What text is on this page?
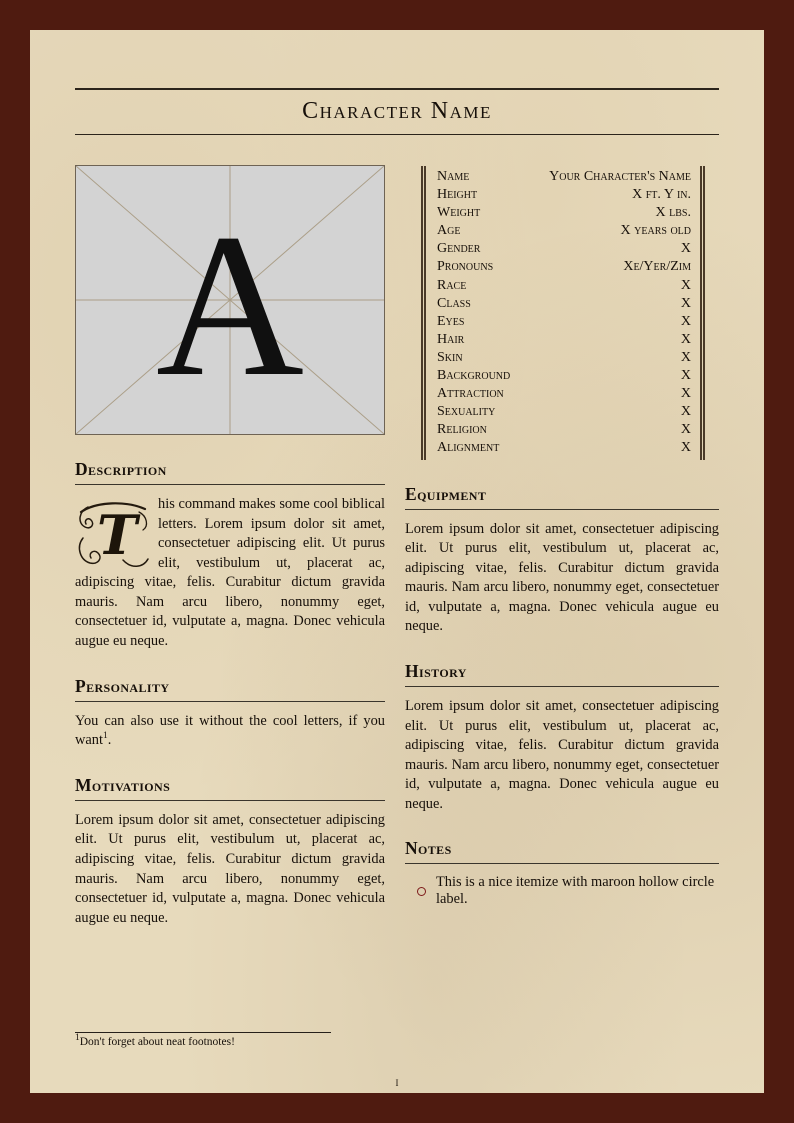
Character Name
A
Description

T his command makes some cool biblical letters. Lorem ipsum dolor sit amet, consectetuer adipiscing elit. Ut purus elit, vestibulum ut, placerat ac, adipiscing vitae, felis. Curabitur dictum gravida mauris. Nam arcu libero, nonummy eget, consectetuer id, vulputate a, magna. Donec vehicula augue eu neque.

Personality

You can also use it without the cool letters, if you want$^1$.

Motivations

Lorem ipsum dolor sit amet, consectetuer adipiscing elit. Ut purus elit, vestibulum ut, placerat ac, adipiscing vitae, felis. Curabitur dictum gravida mauris. Nam arcu libero, nonummy eget, consectetuer id, vulputate a, magna. Donec vehicula augue eu neque.

Name	Your Character's Name
Height	X ft. Y in.
Weight	X lbs.
Age	X years old
Gender	X
Pronouns	Xe/Yer/Zim
Race	X
Class	X
Eyes	X
Hair	X
Skin	X
Background	X
Attraction	X
Sexuality	X
Religion	X
Alignment	X
Equipment

Lorem ipsum dolor sit amet, consectetuer adipiscing elit. Ut purus elit, vestibulum ut, placerat ac, adipiscing vitae, felis. Curabitur dictum gravida mauris. Nam arcu libero, nonummy eget, consectetuer id, vulputate a, magna. Donec vehicula augue eu neque.

History

Lorem ipsum dolor sit amet, consectetuer adipiscing elit. Ut purus elit, vestibulum ut, placerat ac, adipiscing vitae, felis. Curabitur dictum gravida mauris. Nam arcu libero, nonummy eget, consectetuer id, vulputate a, magna. Donec vehicula augue eu neque.

Notes
This is a nice itemize with maroon hollow circle label.
$^1$Don't forget about neat footnotes!
i
